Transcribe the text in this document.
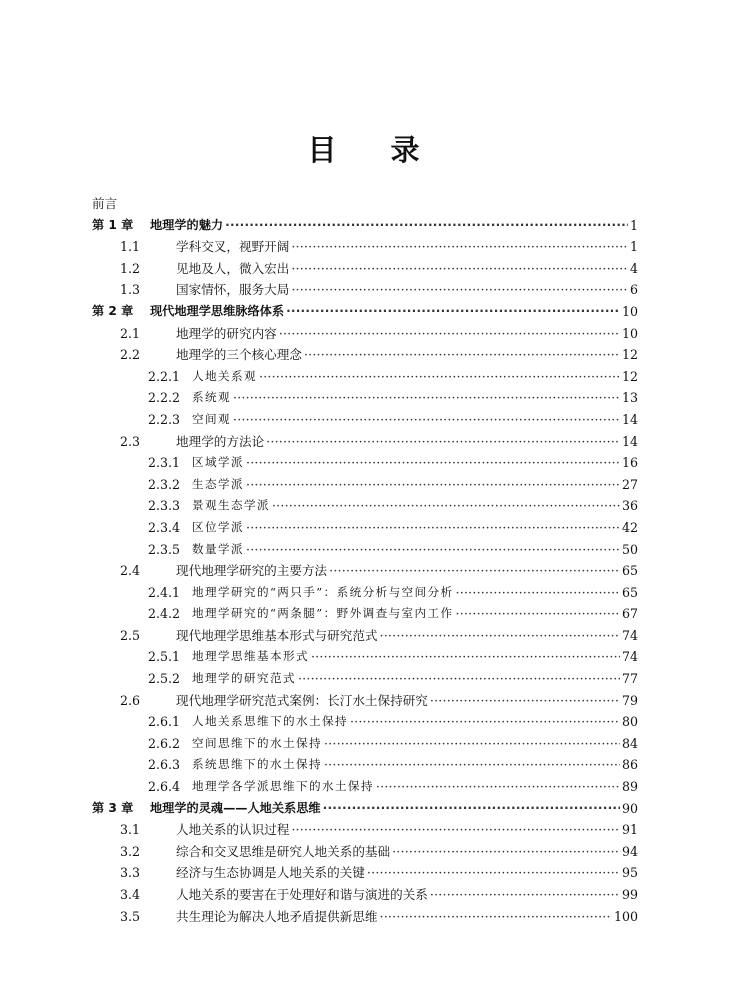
目 录
前言
第 1 章	地理学的魅力 ·····	1
1.1	学科交叉，视野开阔 ·····	1
1.2	见地及人，微入宏出 ·····	4
1.3	国家情怀，服务大局 ·····	6
第 2 章	现代地理学思维脉络体系 ·····	10
2.1	地理学的研究内容 ·····	10
2.2	地理学的三个核心理念 ·····	12
2.2.1	人地关系观 ·····	12
2.2.2	系统观 ·····	13
2.2.3	空间观 ·····	14
2.3	地理学的方法论 ·····	14
2.3.1	区域学派 ·····	16
2.3.2	生态学派 ·····	27
2.3.3	景观生态学派 ·····	36
2.3.4	区位学派 ·····	42
2.3.5	数量学派 ·····	50
2.4	现代地理学研究的主要方法 ·····	65
2.4.1	地理学研究的“两只手”：系统分析与空间分析 ·····	65
2.4.2	地理学研究的“两条腿”：野外调查与室内工作 ·····	67
2.5	现代地理学思维基本形式与研究范式 ·····	74
2.5.1	地理学思维基本形式 ·····	74
2.5.2	地理学的研究范式 ·····	77
2.6	现代地理学研究范式案例：长汀水土保持研究 ·····	79
2.6.1	人地关系思维下的水土保持 ·····	80
2.6.2	空间思维下的水土保持 ·····	84
2.6.3	系统思维下的水土保持 ·····	86
2.6.4	地理学各学派思维下的水土保持 ·····	89
第 3 章	地理学的灵魂——人地关系思维 ·····	90
3.1	人地关系的认识过程 ·····	91
3.2	综合和交叉思维是研究人地关系的基础 ·····	94
3.3	经济与生态协调是人地关系的关键 ·····	95
3.4	人地关系的要害在于处理好和谐与演进的关系 ·····	99
3.5	共生理论为解决人地矛盾提供新思维 ·····	100
